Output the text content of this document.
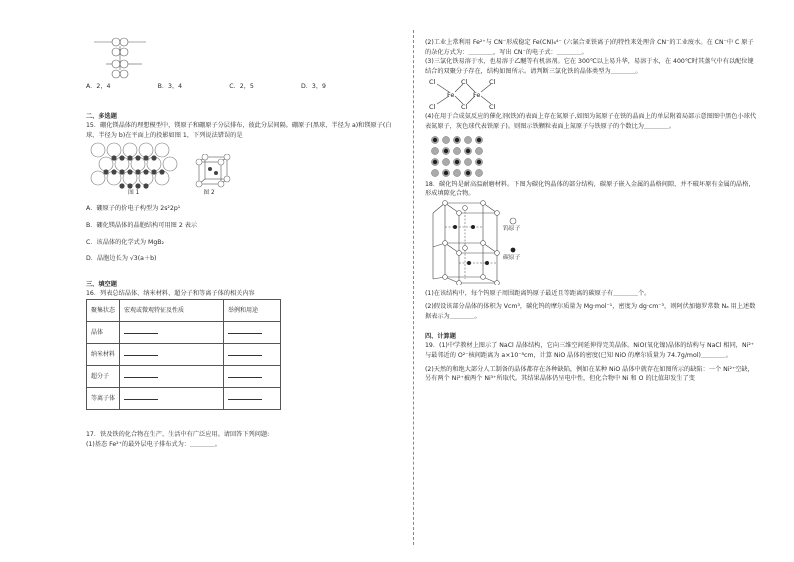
A．2，4	B．3，4	C．2，5	D．3，9

二、多选题

15．硼化镁晶体的理想模型中，镁原子和硼原子分层排布，彼此分层间隔。硼原子(黑球，半径为 a)和镁原子(白球，半径为 b)在平面上的投影如图 1，下列说法错误的是

图 1	图 2

A．硼原子的价电子构型为 2s²2p¹

B．硼化镁晶体的晶胞结构可用图 2 表示

C．该晶体的化学式为 MgB₂

D．晶胞边长为 √3(a＋b)

三、填空题

16．列表总结晶体、纳米材料、超分子和等离子体的相关内容

聚集状态	宏观或微观特征及性质	举例和用途
晶体		
纳米材料		
超分子		
等离子体		

17．铁及铁的化合物在生产、生活中有广泛应用。请回答下列问题:

(1)基态 Fe²⁺的最外层电子排布式为：＿＿＿＿。

(2)工业上常利用 Fe²⁺与 CN⁻形成稳定 Fe(CN)₆⁴⁻ (六氰合亚铁离子)的特性来处理含 CN⁻的工业废水。在 CN⁻中 C 原子的杂化方式为：＿＿＿＿，写出 CN⁻的电子式：＿＿＿＿。

(3)三氯化铁易溶于水，也易溶于乙醚等有机溶剂。它在 300℃以上易升华，易溶于水，在 400℃时其蒸气中有以配位键结合的双聚分子存在，结构如图所示。请判断三氯化铁的晶体类型为＿＿＿＿。

Cl	Cl	Cl
Fe	Fe
Cl	Cl	Cl

(4)在用于合成氨反应的催化剂(铁)的表面上存在氮原子,如图为氮原子在铁的晶面上的单层附着局部示意图图中黑色小球代表氮原子，灰色球代表铁原子)。则图示铁颗粒表面上氮原子与铁原子的个数比为＿＿＿＿。

18．碳化钨是耐高温耐磨材料。下图为碳化钨晶体的部分结构，碳原子嵌入金属的晶格间隙，并不破坏原有金属的晶格，形成填隙化合物。

钨原子
碳原子

(1)在该结构中，每个钨原子周围距离钨原子最近且等距离的碳原子有＿＿＿＿个。

(2)假设该部分晶体的体积为 Vcm³，碳化钨的摩尔质量为 Mg·mol⁻¹，密度为 dg·cm⁻³，则阿伏加德罗常数 Nₐ 用上述数据表示为＿＿＿＿。

四、计算题

19．(1)中学教材上图示了 NaCl 晶体结构，它向三维空间延伸得完美晶体。NiO(氧化镍)晶体的结构与 NaCl 相同，Ni²⁺与最邻近的 O²⁻核间距离为 a×10⁻⁸cm，计算 NiO 晶体的密度(已知 NiO 的摩尔质量为 74.7g/mol)＿＿＿＿。

(2)天然的和绝大部分人工制备的晶体都存在各种缺陷，例如在某种 NiO 晶体中就存在如图所示的缺陷：一个 Ni²⁺空缺，另有两个 Ni²⁺被两个 Ni³⁺所取代。其结果晶体仍呈电中性，但化合物中 Ni 和 O 的比值却发生了变
